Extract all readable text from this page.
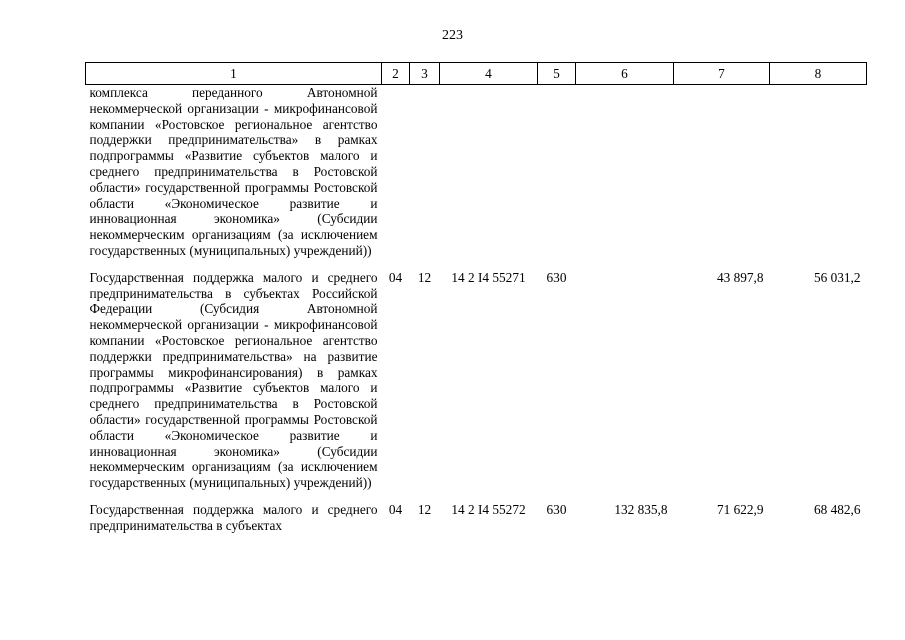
223
1	2	3	4	5	6	7	8
комплекса переданного Автономной некоммерческой организации - микрофинансовой компании «Ростовское региональное агентство поддержки предпринимательства» в рамках подпрограммы «Развитие субъектов малого и среднего предпринимательства в Ростовской области» государственной программы Ростовской области «Экономическое развитие и инновационная экономика» (Субсидии некоммерческим организациям (за исключением государственных (муниципальных) учреждений))							

Государственная поддержка малого и среднего предпринимательства в субъектах Российской Федерации (Субсидия Автономной некоммерческой организации - микрофинансовой компании «Ростовское региональное агентство поддержки предпринимательства» на развитие программы микрофинансирования) в рамках подпрограммы «Развитие субъектов малого и среднего предпринимательства в Ростовской области» государственной программы Ростовской области «Экономическое развитие и инновационная экономика» (Субсидии некоммерческим организациям (за исключением государственных (муниципальных) учреждений))	04	12	14 2 I4 55271	630		43 897,8	56 031,2

Государственная поддержка малого и среднего предпринимательства в субъектах	04	12	14 2 I4 55272	630	132 835,8	71 622,9	68 482,6
